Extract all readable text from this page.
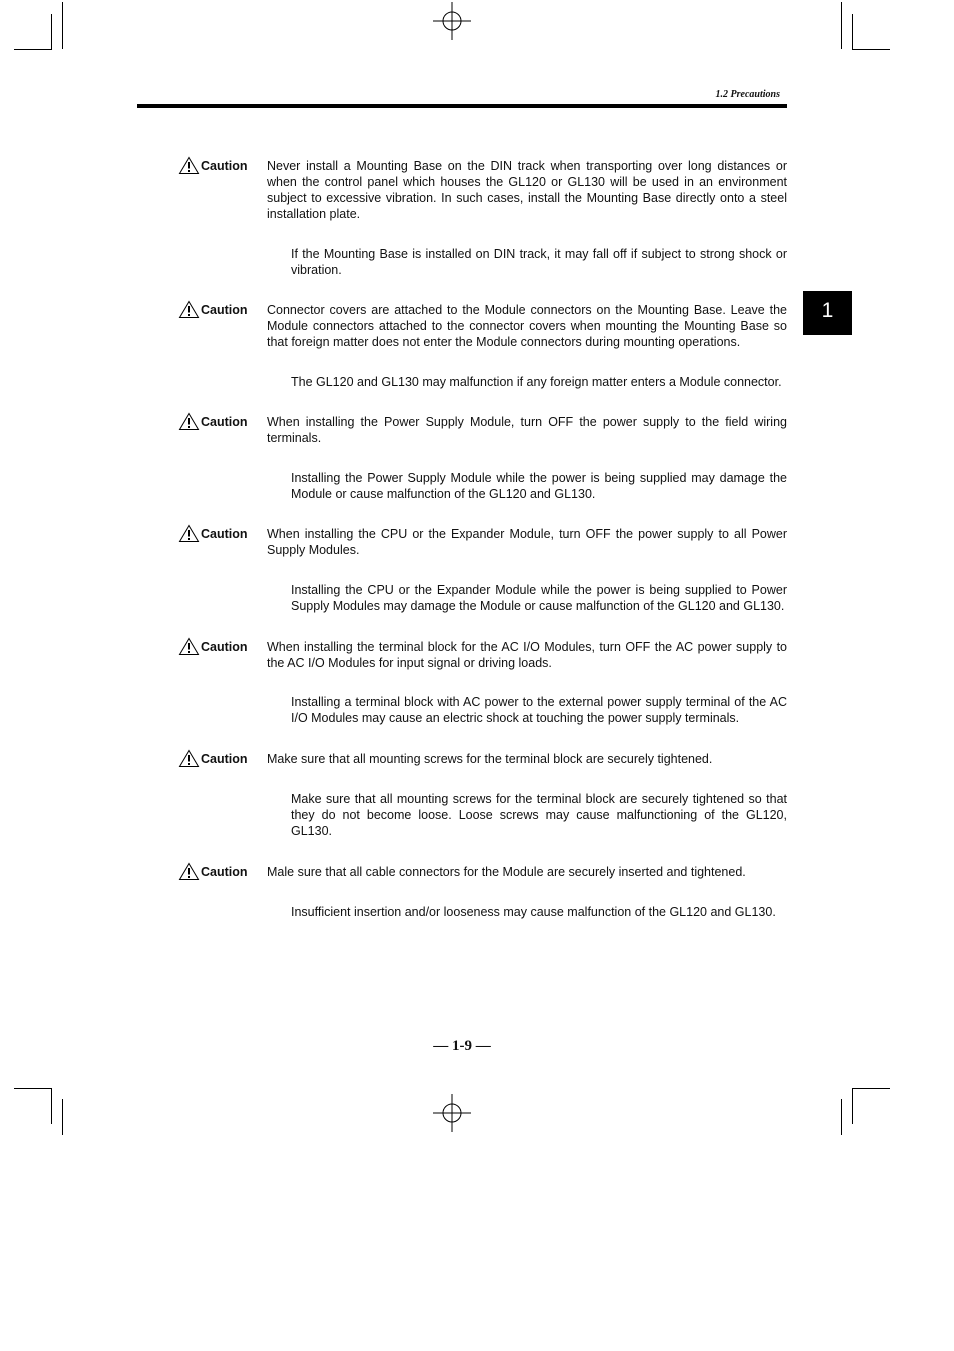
1.2 Precautions
1
Caution Never install a Mounting Base on the DIN track when transporting over long distances or when the control panel which houses the GL120 or GL130 will be used in an environment subject to excessive vibration. In such cases, install the Mounting Base directly onto a steel installation plate.
If the Mounting Base is installed on DIN track, it may fall off if subject to strong shock or vibration.
Caution Connector covers are attached to the Module connectors on the Mounting Base. Leave the Module connectors attached to the connector covers when mounting the Mounting Base so that foreign matter does not enter the Module connectors during mounting operations.
The GL120 and GL130 may malfunction if any foreign matter enters a Module connector.
Caution When installing the Power Supply Module, turn OFF the power supply to the field wiring terminals.
Installing the Power Supply Module while the power is being supplied may damage the Module or cause malfunction of the GL120 and GL130.
Caution When installing the CPU or the Expander Module, turn OFF the power supply to all Power Supply Modules.
Installing the CPU or the Expander Module while the power is being supplied to Power Supply Modules may damage the Module or cause malfunction of the GL120 and GL130.
Caution When installing the terminal block for the AC I/O Modules, turn OFF the AC power supply to the AC I/O Modules for input signal or driving loads.
Installing a terminal block with AC power to the external power supply terminal of the AC I/O Modules may cause an electric shock at touching the power supply terminals.
Caution Make sure that all mounting screws for the terminal block are securely tightened.
Make sure that all mounting screws for the terminal block are securely tightened so that they do not become loose. Loose screws may cause malfunctioning of the GL120, GL130.
Caution Male sure that all cable connectors for the Module are securely inserted and tightened.
Insufficient insertion and/or looseness may cause malfunction of the GL120 and GL130.
— 1-9 —
